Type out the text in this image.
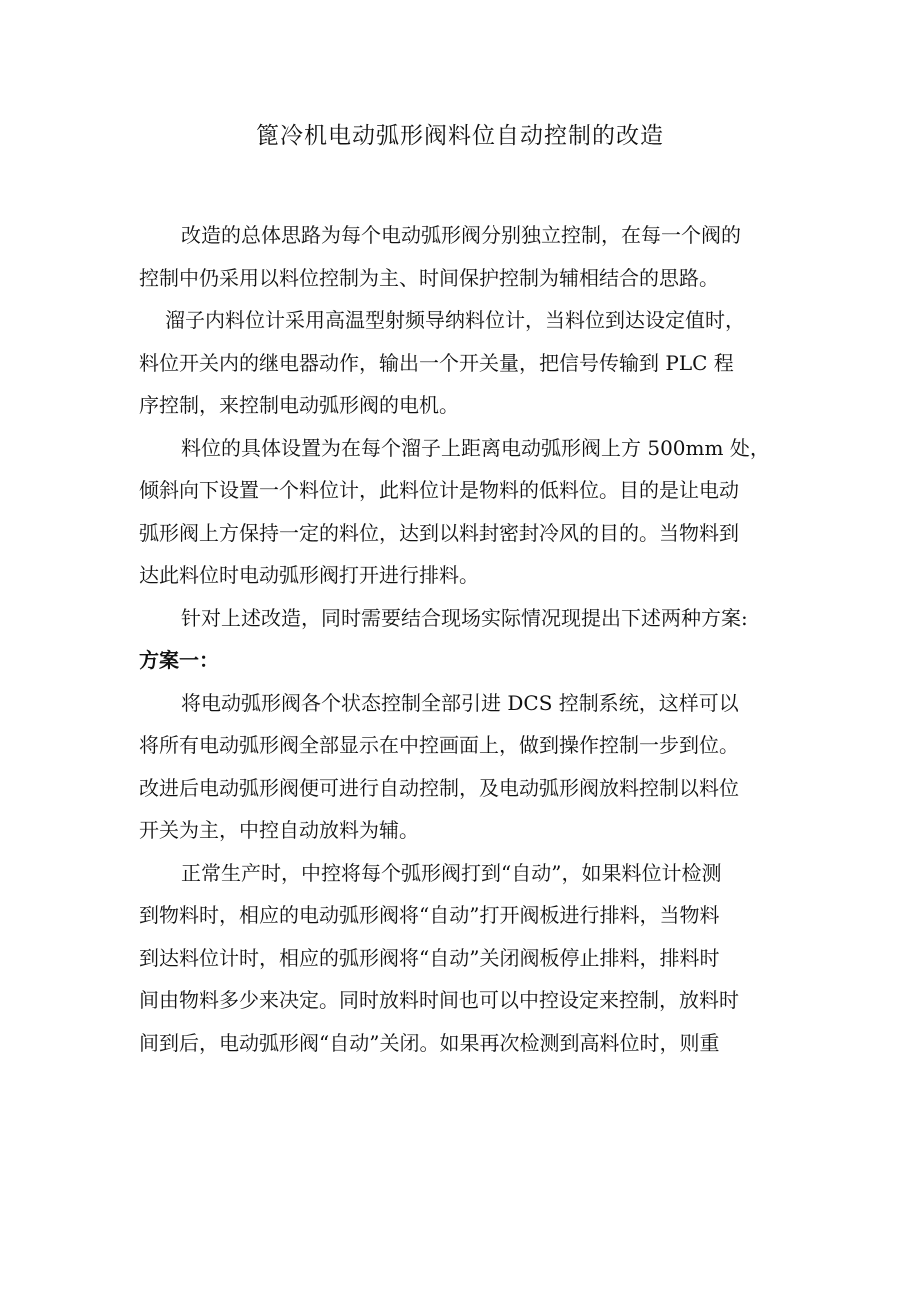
篦冷机电动弧形阀料位自动控制的改造
改造的总体思路为每个电动弧形阀分别独立控制，在每一个阀的
控制中仍采用以料位控制为主、时间保护控制为辅相结合的思路。
溜子内料位计采用高温型射频导纳料位计，当料位到达设定值时，
料位开关内的继电器动作，输出一个开关量，把信号传输到 PLC 程
序控制，来控制电动弧形阀的电机。
料位的具体设置为在每个溜子上距离电动弧形阀上方 500mm 处，
倾斜向下设置一个料位计，此料位计是物料的低料位。目的是让电动
弧形阀上方保持一定的料位，达到以料封密封冷风的目的。当物料到
达此料位时电动弧形阀打开进行排料。
针对上述改造，同时需要结合现场实际情况现提出下述两种方案:
方案一：
将电动弧形阀各个状态控制全部引进 DCS 控制系统，这样可以
将所有电动弧形阀全部显示在中控画面上，做到操作控制一步到位。
改进后电动弧形阀便可进行自动控制，及电动弧形阀放料控制以料位
开关为主，中控自动放料为辅。
正常生产时，中控将每个弧形阀打到“自动”，如果料位计检测
到物料时，相应的电动弧形阀将“自动”打开阀板进行排料，当物料
到达料位计时，相应的弧形阀将“自动”关闭阀板停止排料，排料时
间由物料多少来决定。同时放料时间也可以中控设定来控制，放料时
间到后，电动弧形阀“自动”关闭。如果再次检测到高料位时，则重
